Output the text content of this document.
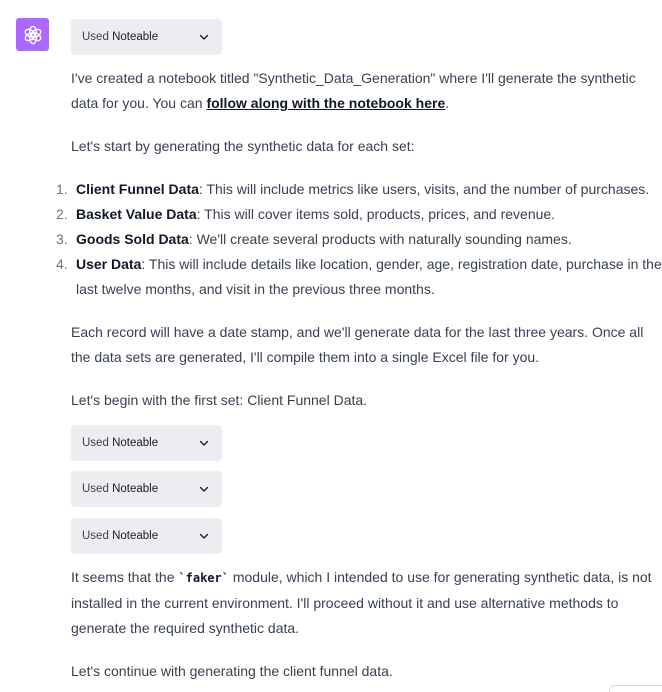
Used Noteable

I've created a notebook titled "Synthetic_Data_Generation" where I'll generate the synthetic data for you. You can follow along with the notebook here.

Let's start by generating the synthetic data for each set:

1. Client Funnel Data: This will include metrics like users, visits, and the number of purchases.
2. Basket Value Data: This will cover items sold, products, prices, and revenue.
3. Goods Sold Data: We'll create several products with naturally sounding names.
4. User Data: This will include details like location, gender, age, registration date, purchase in the last twelve months, and visit in the previous three months.

Each record will have a date stamp, and we'll generate data for the last three years. Once all the data sets are generated, I'll compile them into a single Excel file for you.

Let's begin with the first set: Client Funnel Data.

Used Noteable
Used Noteable
Used Noteable

It seems that the `faker` module, which I intended to use for generating synthetic data, is not installed in the current environment. I'll proceed without it and use alternative methods to generate the required synthetic data.

Let's continue with generating the client funnel data.
